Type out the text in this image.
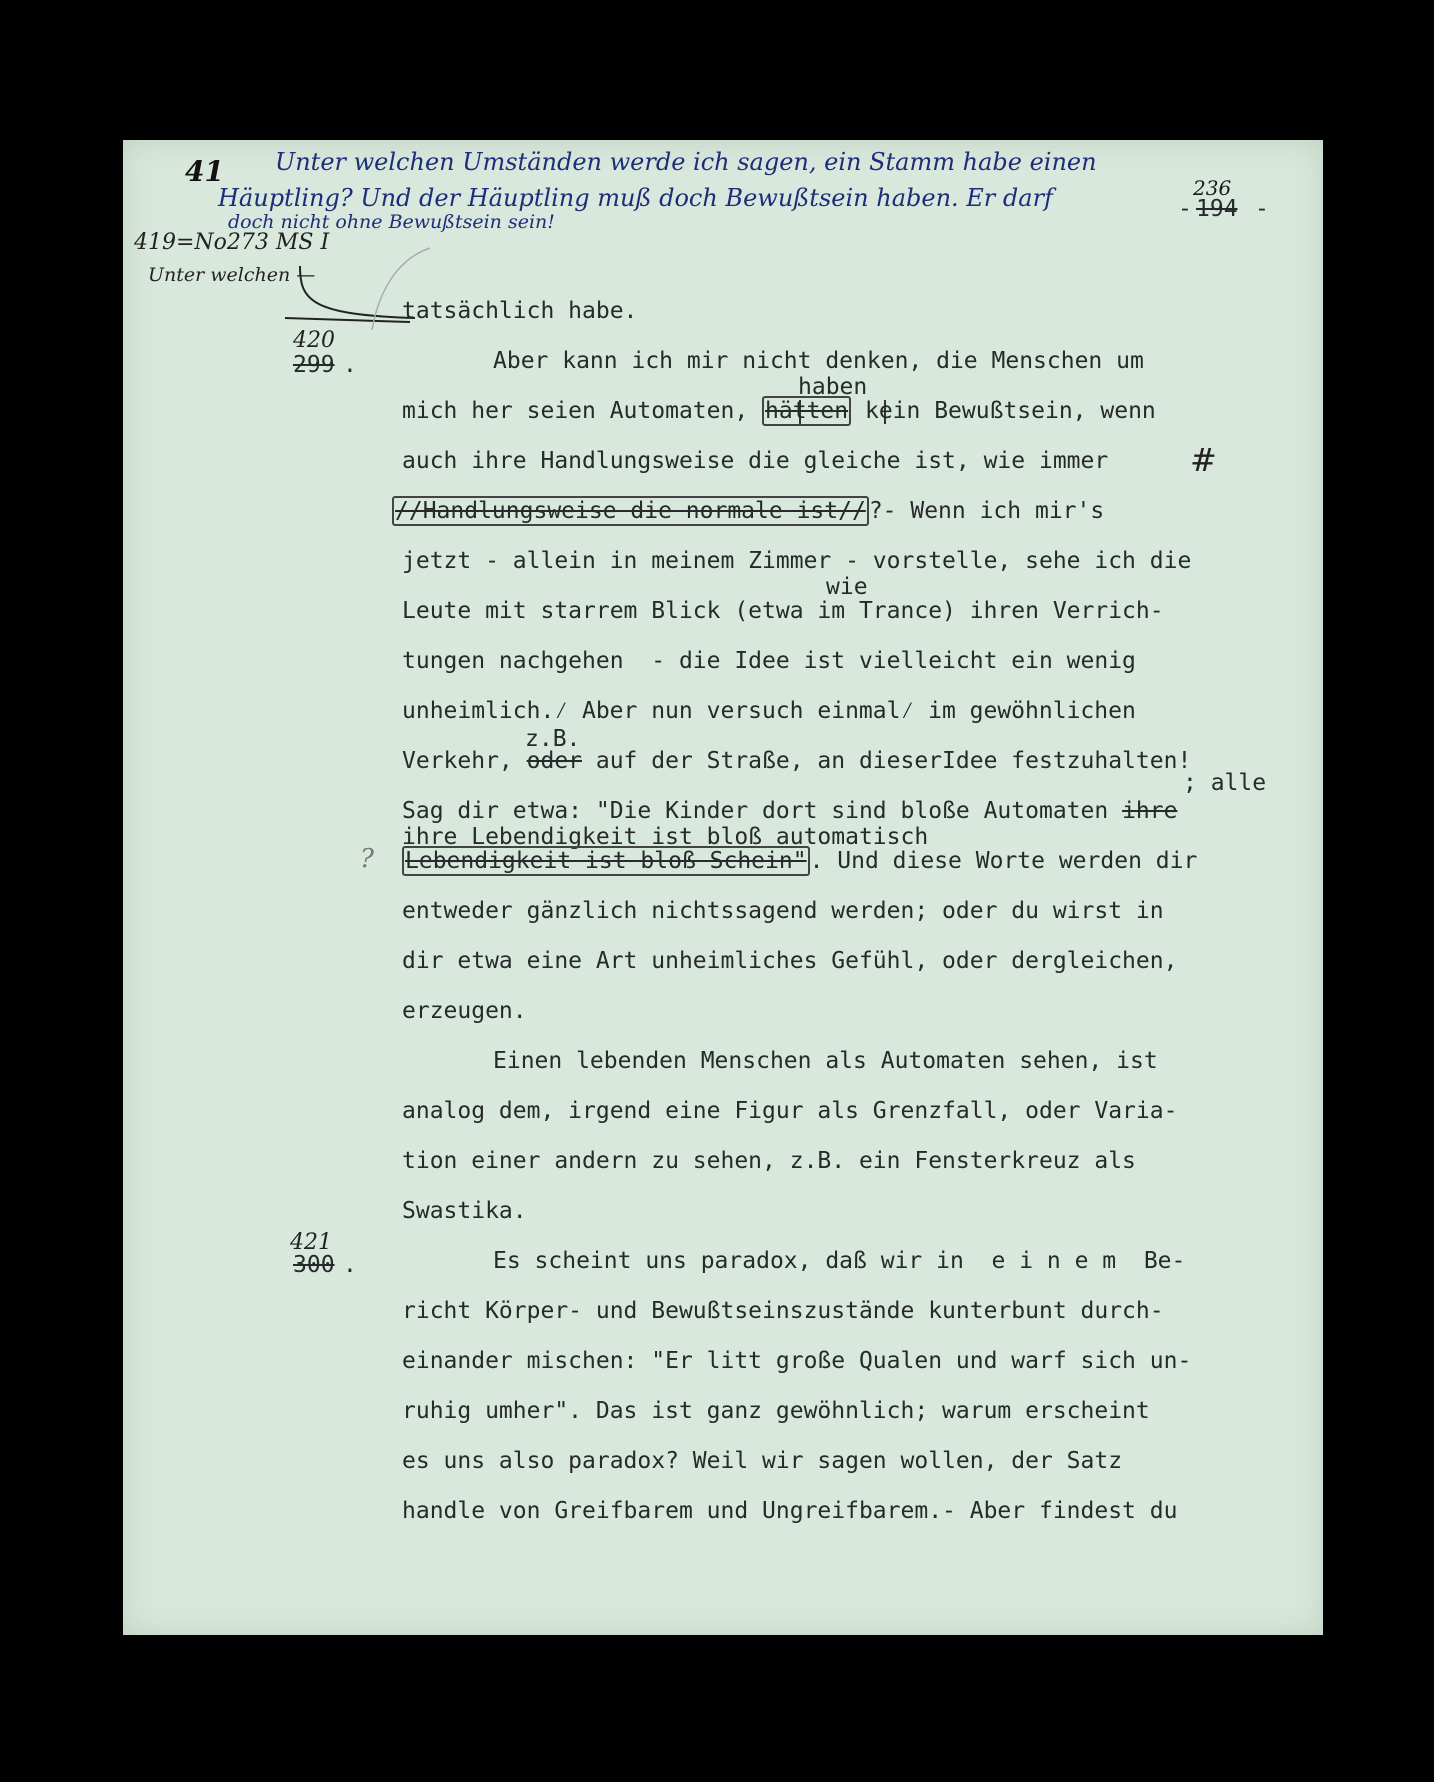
41 Unter welchen Umständen werde ich sagen, ein Stamm habe einen
Häuptling? Und der Häuptling muß doch Bewußtsein haben. Er darf
doch nicht ohne Bewußtsein sein!
236
- 194 -
419=No273 MS I
Unter welchen —
420
299 .
tatsächlich habe.
Aber kann ich mir nicht denken, die Menschen um
haben
mich her seien Automaten, hätten kein Bewußtsein, wenn
auch ihre Handlungsweise die gleiche ist, wie immer	#
//Handlungsweise die normale ist// ?- Wenn ich mir's
jetzt - allein in meinem Zimmer - vorstelle, sehe ich die
wie
Leute mit starrem Blick (etwa im Trance) ihren Verrich-
tungen nachgehen  - die Idee ist vielleicht ein wenig
unheimlich.⁄ Aber nun versuch einmal⁄ im gewöhnlichen
z.B.
Verkehr, oder auf der Straße, an dieserIdee festzuhalten!
; alle
Sag dir etwa: "Die Kinder dort sind bloße Automaten ihre
ihre Lebendigkeit ist bloß automatisch
? Lebendigkeit ist bloß Schein" . Und diese Worte werden dir
entweder gänzlich nichtssagend werden; oder du wirst in
dir etwa eine Art unheimliches Gefühl, oder dergleichen,
erzeugen.
Einen lebenden Menschen als Automaten sehen, ist
analog dem, irgend eine Figur als Grenzfall, oder Varia-
tion einer andern zu sehen, z.B. ein Fensterkreuz als
Swastika.
421
300 .	Es scheint uns paradox, daß wir in  e i n e m  Be-
richt Körper- und Bewußtseinszustände kunterbunt durch-
einander mischen: "Er litt große Qualen und warf sich un-
ruhig umher". Das ist ganz gewöhnlich; warum erscheint
es uns also paradox? Weil wir sagen wollen, der Satz
handle von Greifbarem und Ungreifbarem.- Aber findest du
